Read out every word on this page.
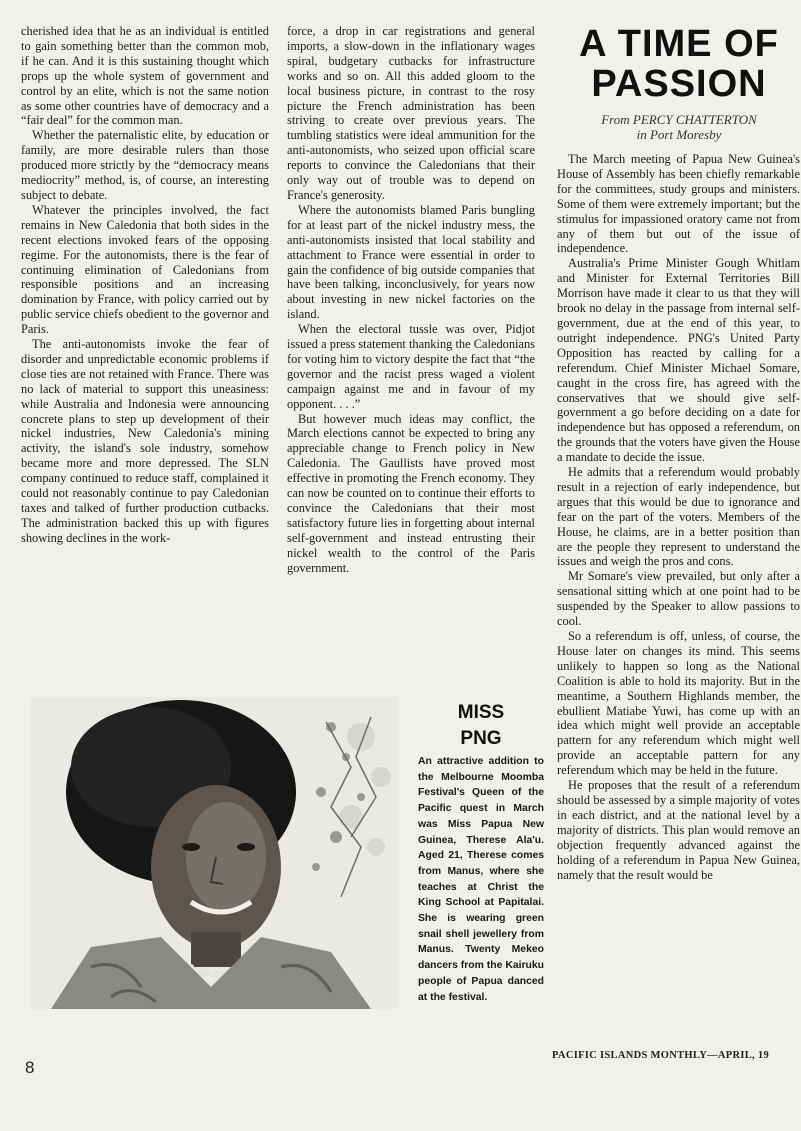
cherished idea that he as an individual is entitled to gain something better than the common mob, if he can. And it is this sustaining thought which props up the whole system of government and control by an elite, which is not the same notion as some other countries have of democracy and a “fair deal” for the common man.

Whether the paternalistic elite, by education or family, are more desirable rulers than those produced more strictly by the “democracy means mediocrity” method, is, of course, an interesting subject to debate.

Whatever the principles involved, the fact remains in New Caledonia that both sides in the recent elections invoked fears of the opposing regime. For the autonomists, there is the fear of continuing elimination of Caledonians from responsible positions and an increasing domination by France, with policy carried out by public service chiefs obedient to the governor and Paris.

The anti-autonomists invoke the fear of disorder and unpredictable economic problems if close ties are not retained with France. There was no lack of material to support this uneasiness: while Australia and Indonesia were announcing concrete plans to step up development of their nickel industries, New Caledonia's mining activity, the island's sole industry, somehow became more and more depressed. The SLN company continued to reduce staff, complained it could not reasonably continue to pay Caledonian taxes and talked of further production cutbacks. The administration backed this up with figures showing declines in the work-

force, a drop in car registrations and general imports, a slow-down in the inflationary wages spiral, budgetary cutbacks for infrastructure works and so on. All this added gloom to the local business picture, in contrast to the rosy picture the French administration has been striving to create over previous years. The tumbling statistics were ideal ammunition for the anti-autonomists, who seized upon official scare reports to convince the Caledonians that their only way out of trouble was to depend on France's generosity.

Where the autonomists blamed Paris bungling for at least part of the nickel industry mess, the anti-autonomists insisted that local stability and attachment to France were essential in order to gain the confidence of big outside companies that have been talking, inconclusively, for years now about investing in new nickel factories on the island.

When the electoral tussle was over, Pidjot issued a press statement thanking the Caledonians for voting him to victory despite the fact that “the governor and the racist press waged a violent campaign against me and in favour of my opponent. . . .”

But however much ideas may conflict, the March elections cannot be expected to bring any appreciable change to French policy in New Caledonia. The Gaullists have proved most effective in promoting the French economy. They can now be counted on to continue their efforts to convince the Caledonians that their most satisfactory future lies in forgetting about internal self-government and instead entrusting their nickel wealth to the control of the Paris government.

A TIME OF PASSION
From PERCY CHATTERTON
in Port Moresby

The March meeting of Papua New Guinea's House of Assembly has been chiefly remarkable for the committees, study groups and ministers. Some of them were extremely important; but the stimulus for impassioned oratory came not from any of them but out of the issue of independence.

Australia's Prime Minister Gough Whitlam and Minister for External Territories Bill Morrison have made it clear to us that they will brook no delay in the passage from internal self-government, due at the end of this year, to outright independence. PNG's United Party Opposition has reacted by calling for a referendum. Chief Minister Michael Somare, caught in the cross fire, has agreed with the conservatives that we should give self-government a go before deciding on a date for independence but has opposed a referendum, on the grounds that the voters have given the House a mandate to decide the issue.

He admits that a referendum would probably result in a rejection of early independence, but argues that this would be due to ignorance and fear on the part of the voters. Members of the House, he claims, are in a better position than are the people they represent to understand the issues and weigh the pros and cons.

Mr Somare's view prevailed, but only after a sensational sitting which at one point had to be suspended by the Speaker to allow passions to cool.

So a referendum is off, unless, of course, the House later on changes its mind. This seems unlikely to happen so long as the National Coalition is able to hold its majority. But in the meantime, a Southern Highlands member, the ebullient Matiabe Yuwi, has come up with an idea which might well provide an acceptable pattern for any referendum which might well provide an acceptable pattern for any referendum which may be held in the future.

He proposes that the result of a referendum should be assessed by a simple majority of votes in each district, and at the national level by a majority of districts. This plan would remove an objection frequently advanced against the holding of a referendum in Papua New Guinea, namely that the result would be

MISS
PNG
An attractive addition to the Melbourne Moomba Festival's Queen of the Pacific quest in March was Miss Papua New Guinea, Therese Ala'u. Aged 21, Therese comes from Manus, where she teaches at Christ the King School at Papitalai. She is wearing green snail shell jewellery from Manus. Twenty Mekeo dancers from the Kairuku people of Papua danced at the festival.
8
PACIFIC ISLANDS MONTHLY—APRIL, 19
